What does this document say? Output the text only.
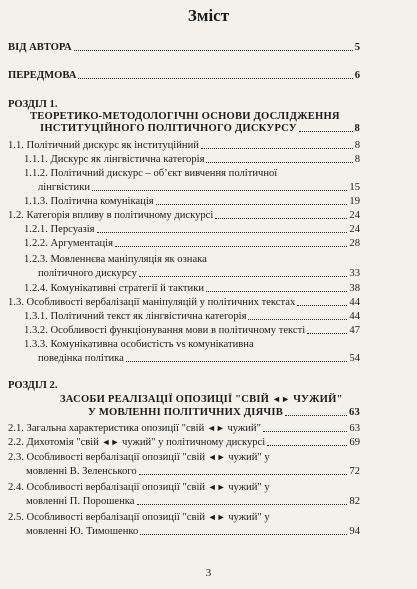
Зміст
ВІД АВТОРА	5
ПЕРЕДМОВА	6
РОЗДІЛ 1.
ТЕОРЕТИКО-МЕТОДОЛОГІЧНІ ОСНОВИ ДОСЛІДЖЕННЯ
ІНСТИТУЦІЙНОГО ПОЛІТИЧНОГО ДИСКУРСУ	8
1.1. Політичний дискурс як інституційний	8
1.1.1. Дискурс як лінгвістична категорія	8
1.1.2. Політичний дискурс – об’єкт вивчення політичної
лінгвістики	15
1.1.3. Політична комунікація	19
1.2. Категорія впливу в політичному дискурсі	24
1.2.1. Персуазія	24
1.2.2. Аргументація	28
1.2.3. Мовленнєва маніпуляція як ознака
політичного дискурсу	33
1.2.4. Комунікативні стратегії й тактики	38
1.3. Особливості вербалізації маніпуляцій у політичних текстах	44
1.3.1. Політичний текст як лінгвістична категорія	44
1.3.2. Особливості функціонування мови в політичному тексті	47
1.3.3. Комунікативна особистість vs комунікативна
поведінка політика	54
РОЗДІЛ 2.
ЗАСОБИ РЕАЛІЗАЦІЇ ОПОЗИЦІЇ "СВІЙ ◄► ЧУЖИЙ"
У МОВЛЕННІ ПОЛІТИЧНИХ ДІЯЧІВ	63
2.1. Загальна характеристика опозиції "свій ◄► чужий"	63
2.2. Дихотомія "свій ◄► чужий" у політичному дискурсі	69
2.3. Особливості вербалізації опозиції "свій ◄► чужий" у
мовленні В. Зеленського	72
2.4. Особливості вербалізації опозиції "свій ◄► чужий" у
мовленні П. Порошенка	82
2.5. Особливості вербалізації опозиції "свій ◄► чужий" у
мовленні Ю. Тимошенко	94
3
